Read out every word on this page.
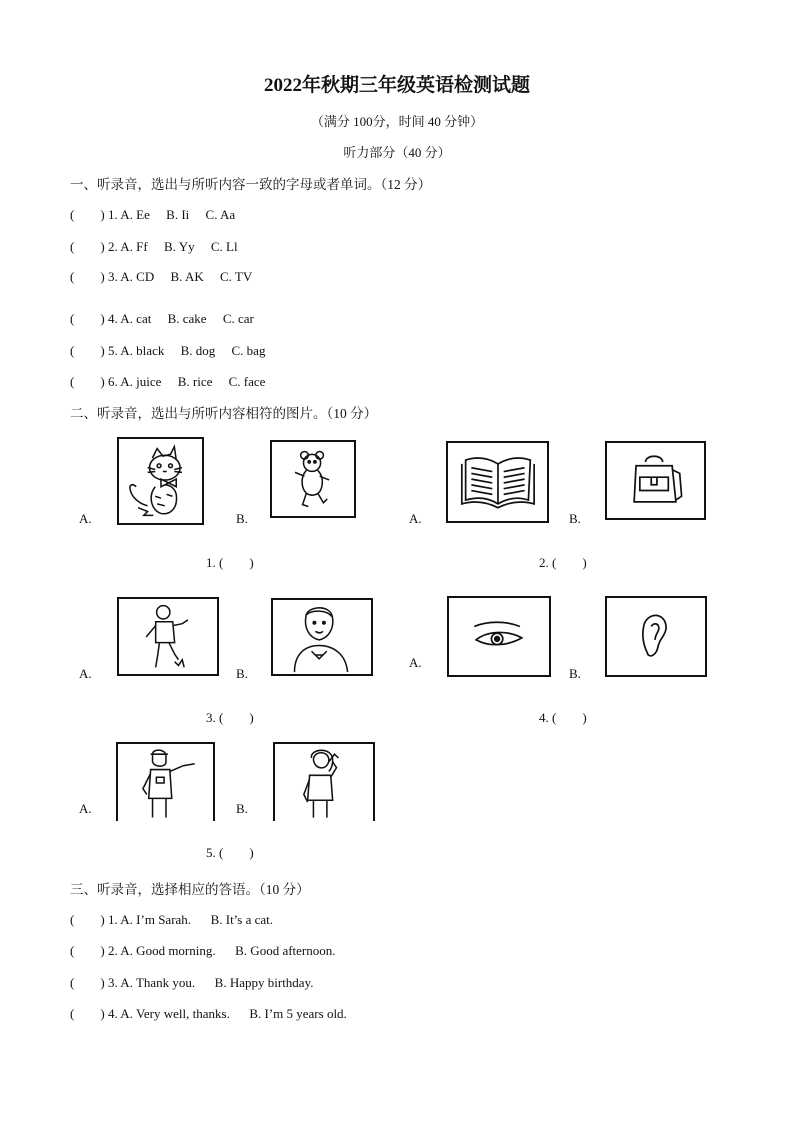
2022年秋期三年级英语检测试题
（满分 100分，时间 40 分钟）
听力部分（40 分）
一、听录音，选出与所听内容一致的字母或者单词。（12 分）
(　　) 1. A. Ee B. Ii C. Aa
(　　) 2. A. Ff B. Yy C. Ll
(　　) 3. A. CD B. AK C. TV
(　　) 4. A. cat B. cake C. car
(　　) 5. A. black B. dog C. bag
(　　) 6. A. juice B. rice C. face
二、听录音，选出与所听内容相符的图片。（10 分）
A.	B.	A.	B.
1. (　　)	2. (　　)
A.	B.
A.
B.
3. (　　)	4. (　　)
A.	B.
5. (　　)
三、听录音，选择相应的答语。（10 分）
(　　) 1. A. I’m Sarah. B. It’s a cat.
(　　) 2. A. Good morning. B. Good afternoon.
(　　) 3. A. Thank you. B. Happy birthday.
(　　) 4. A. Very well, thanks. B. I’m 5 years old.
